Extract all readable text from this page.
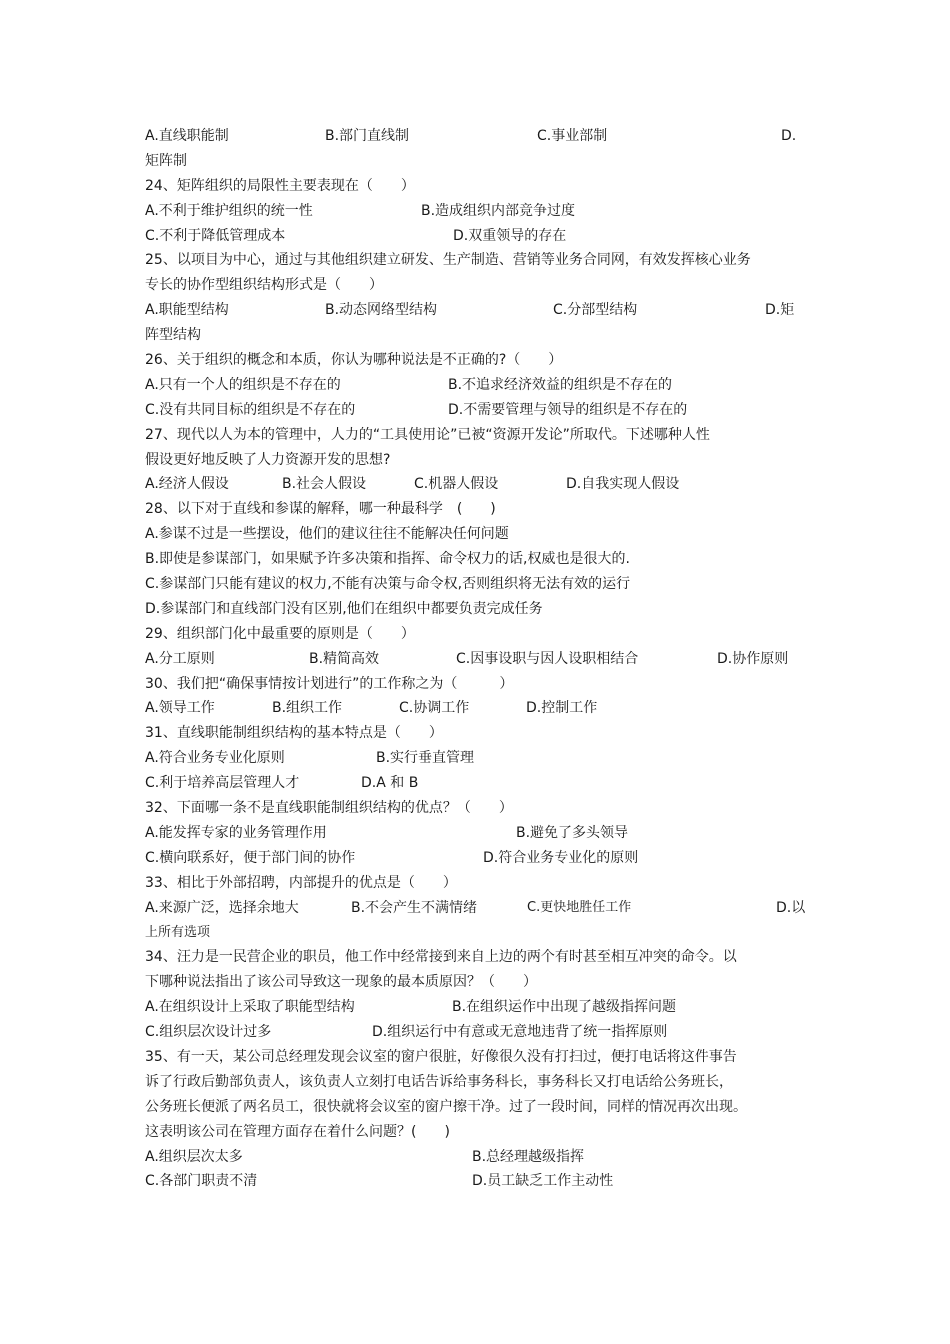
A.直线职能制	B.部门直线制	C.事业部制	D.
矩阵制
24、矩阵组织的局限性主要表现在（　　）
A.不利于维护组织的统一性	B.造成组织内部竞争过度
C.不利于降低管理成本	D.双重领导的存在
25、以项目为中心，通过与其他组织建立研发、生产制造、营销等业务合同网，有效发挥核心业务
专长的协作型组织结构形式是（　　）
A.职能型结构	B.动态网络型结构	C.分部型结构	D.矩
阵型结构
26、关于组织的概念和本质，你认为哪种说法是不正确的?（　　）
A.只有一个人的组织是不存在的	B.不追求经济效益的组织是不存在的
C.没有共同目标的组织是不存在的	D.不需要管理与领导的组织是不存在的
27、现代以人为本的管理中，人力的“工具使用论”已被“资源开发论”所取代。下述哪种人性
假设更好地反映了人力资源开发的思想?
A.经济人假设	B.社会人假设	C.机器人假设	D.自我实现人假设
28、以下对于直线和参谋的解释，哪一种最科学　(　　)
A.参谋不过是一些摆设，他们的建议往往不能解决任何问题
B.即使是参谋部门，如果赋予许多决策和指挥、命令权力的话,权威也是很大的.
C.参谋部门只能有建议的权力,不能有决策与命令权,否则组织将无法有效的运行
D.参谋部门和直线部门没有区别,他们在组织中都要负责完成任务
29、组织部门化中最重要的原则是（　　）
A.分工原则	B.精简高效	C.因事设职与因人设职相结合	D.协作原则
30、我们把“确保事情按计划进行”的工作称之为（　　　）
A.领导工作	B.组织工作	C.协调工作	D.控制工作
31、直线职能制组织结构的基本特点是（　　）
A.符合业务专业化原则	B.实行垂直管理
C.利于培养高层管理人才	D.A 和 B
32、下面哪一条不是直线职能制组织结构的优点？（　　）
A.能发挥专家的业务管理作用	B.避免了多头领导
C.横向联系好，便于部门间的协作	D.符合业务专业化的原则
33、相比于外部招聘，内部提升的优点是（　　）
A.来源广泛，选择余地大	B.不会产生不满情绪	C.更快地胜任工作	D.以
上所有选项
34、汪力是一民营企业的职员，他工作中经常接到来自上边的两个有时甚至相互冲突的命令。以
下哪种说法指出了该公司导致这一现象的最本质原因？（　　）
A.在组织设计上采取了职能型结构	B.在组织运作中出现了越级指挥问题
C.组织层次设计过多	D.组织运行中有意或无意地违背了统一指挥原则
35、有一天，某公司总经理发现会议室的窗户很脏，好像很久没有打扫过，便打电话将这件事告
诉了行政后勤部负责人，该负责人立刻打电话告诉给事务科长，事务科长又打电话给公务班长，
公务班长便派了两名员工，很快就将会议室的窗户擦干净。过了一段时间，同样的情况再次出现。
这表明该公司在管理方面存在着什么问题？(　　)
A.组织层次太多	B.总经理越级指挥
C.各部门职责不清	D.员工缺乏工作主动性
